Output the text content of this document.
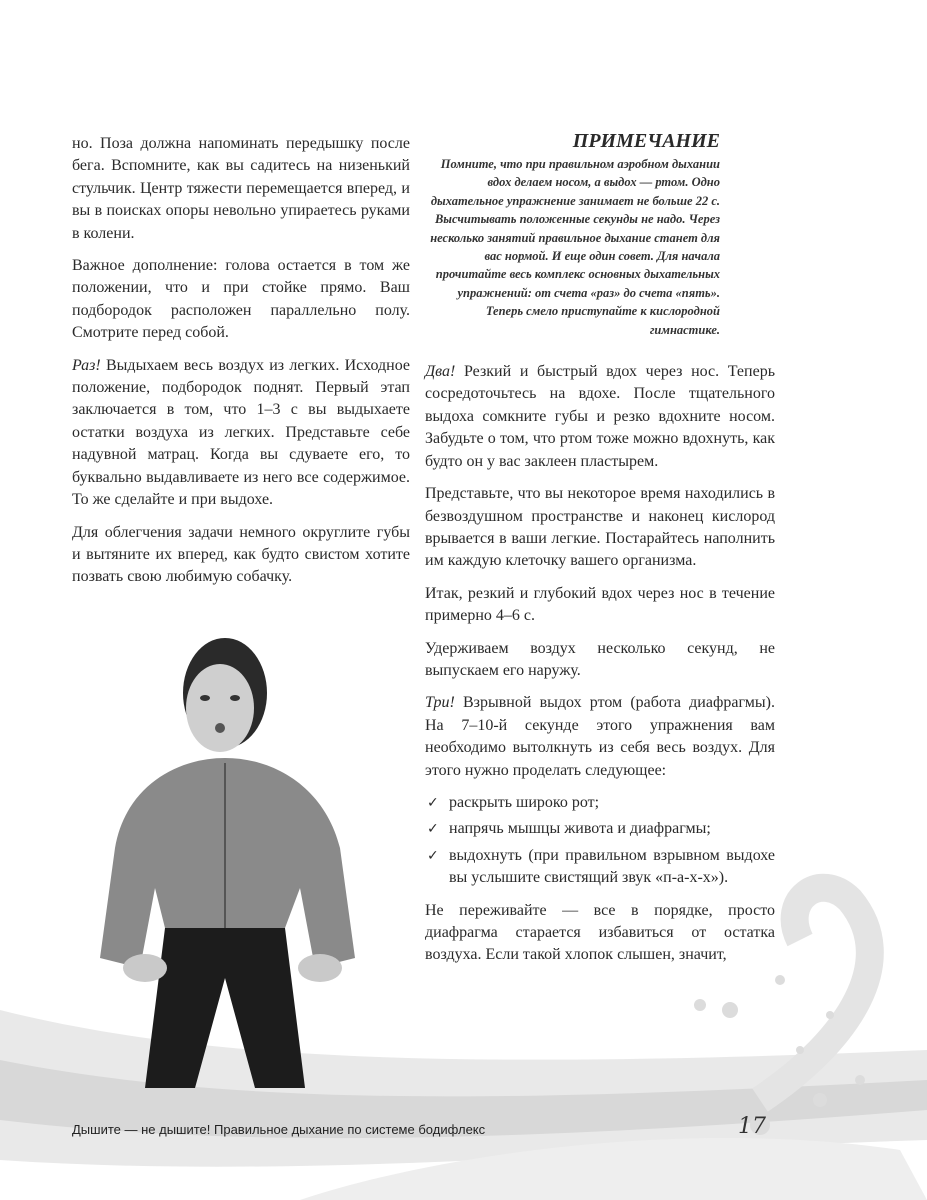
но. Поза должна напоминать передышку после бега. Вспомните, как вы садитесь на низенький стульчик. Центр тяжести перемещается вперед, и вы в поисках опоры невольно упираетесь руками в колени.

Важное дополнение: голова остается в том же положении, что и при стойке прямо. Ваш подбородок расположен параллельно полу. Смотрите перед собой.

Раз! Выдыхаем весь воздух из легких. Исходное положение, подбородок поднят. Первый этап заключается в том, что 1–3 с вы выдыхаете остатки воздуха из легких. Представьте себе надувной матрац. Когда вы сдуваете его, то буквально выдавливаете из него все содержимое. То же сделайте и при выдохе.

Для облегчения задачи немного округлите губы и вытяните их вперед, как будто свистом хотите позвать свою любимую собачку.

ПРИМЕЧАНИЕ

Помните, что при правильном аэробном дыхании вдох делаем носом, а выдох — ртом. Одно дыхательное упражнение занимает не больше 22 с. Высчитывать положенные секунды не надо. Через несколько занятий правильное дыхание станет для вас нормой. И еще один совет. Для начала прочитайте весь комплекс основных дыхательных упражнений: от счета «раз» до счета «пять». Теперь смело приступайте к кислородной гимнастике.

Два! Резкий и быстрый вдох через нос. Теперь сосредоточьтесь на вдохе. После тщательного выдоха сомкните губы и резко вдохните носом. Забудьте о том, что ртом тоже можно вдохнуть, как будто он у вас заклеен пластырем.

Представьте, что вы некоторое время находились в безвоздушном пространстве и наконец кислород врывается в ваши легкие. Постарайтесь наполнить им каждую клеточку вашего организма.

Итак, резкий и глубокий вдох через нос в течение примерно 4–6 с.

Удерживаем воздух несколько секунд, не выпускаем его наружу.

Три! Взрывной выдох ртом (работа диафрагмы). На 7–10-й секунде этого упражнения вам необходимо вытолкнуть из себя весь воздух. Для этого нужно проделать следующее:

✓ раскрыть широко рот;
✓ напрячь мышцы живота и диафрагмы;
✓ выдохнуть (при правильном взрывном выдохе вы услышите свистящий звук «п-а-х-х»).

Не переживайте — все в порядке, просто диафрагма старается избавиться от остатка воздуха. Если такой хлопок слышен, значит,

Дышите — не дышите! Правильное дыхание по системе бодифлекс	17
